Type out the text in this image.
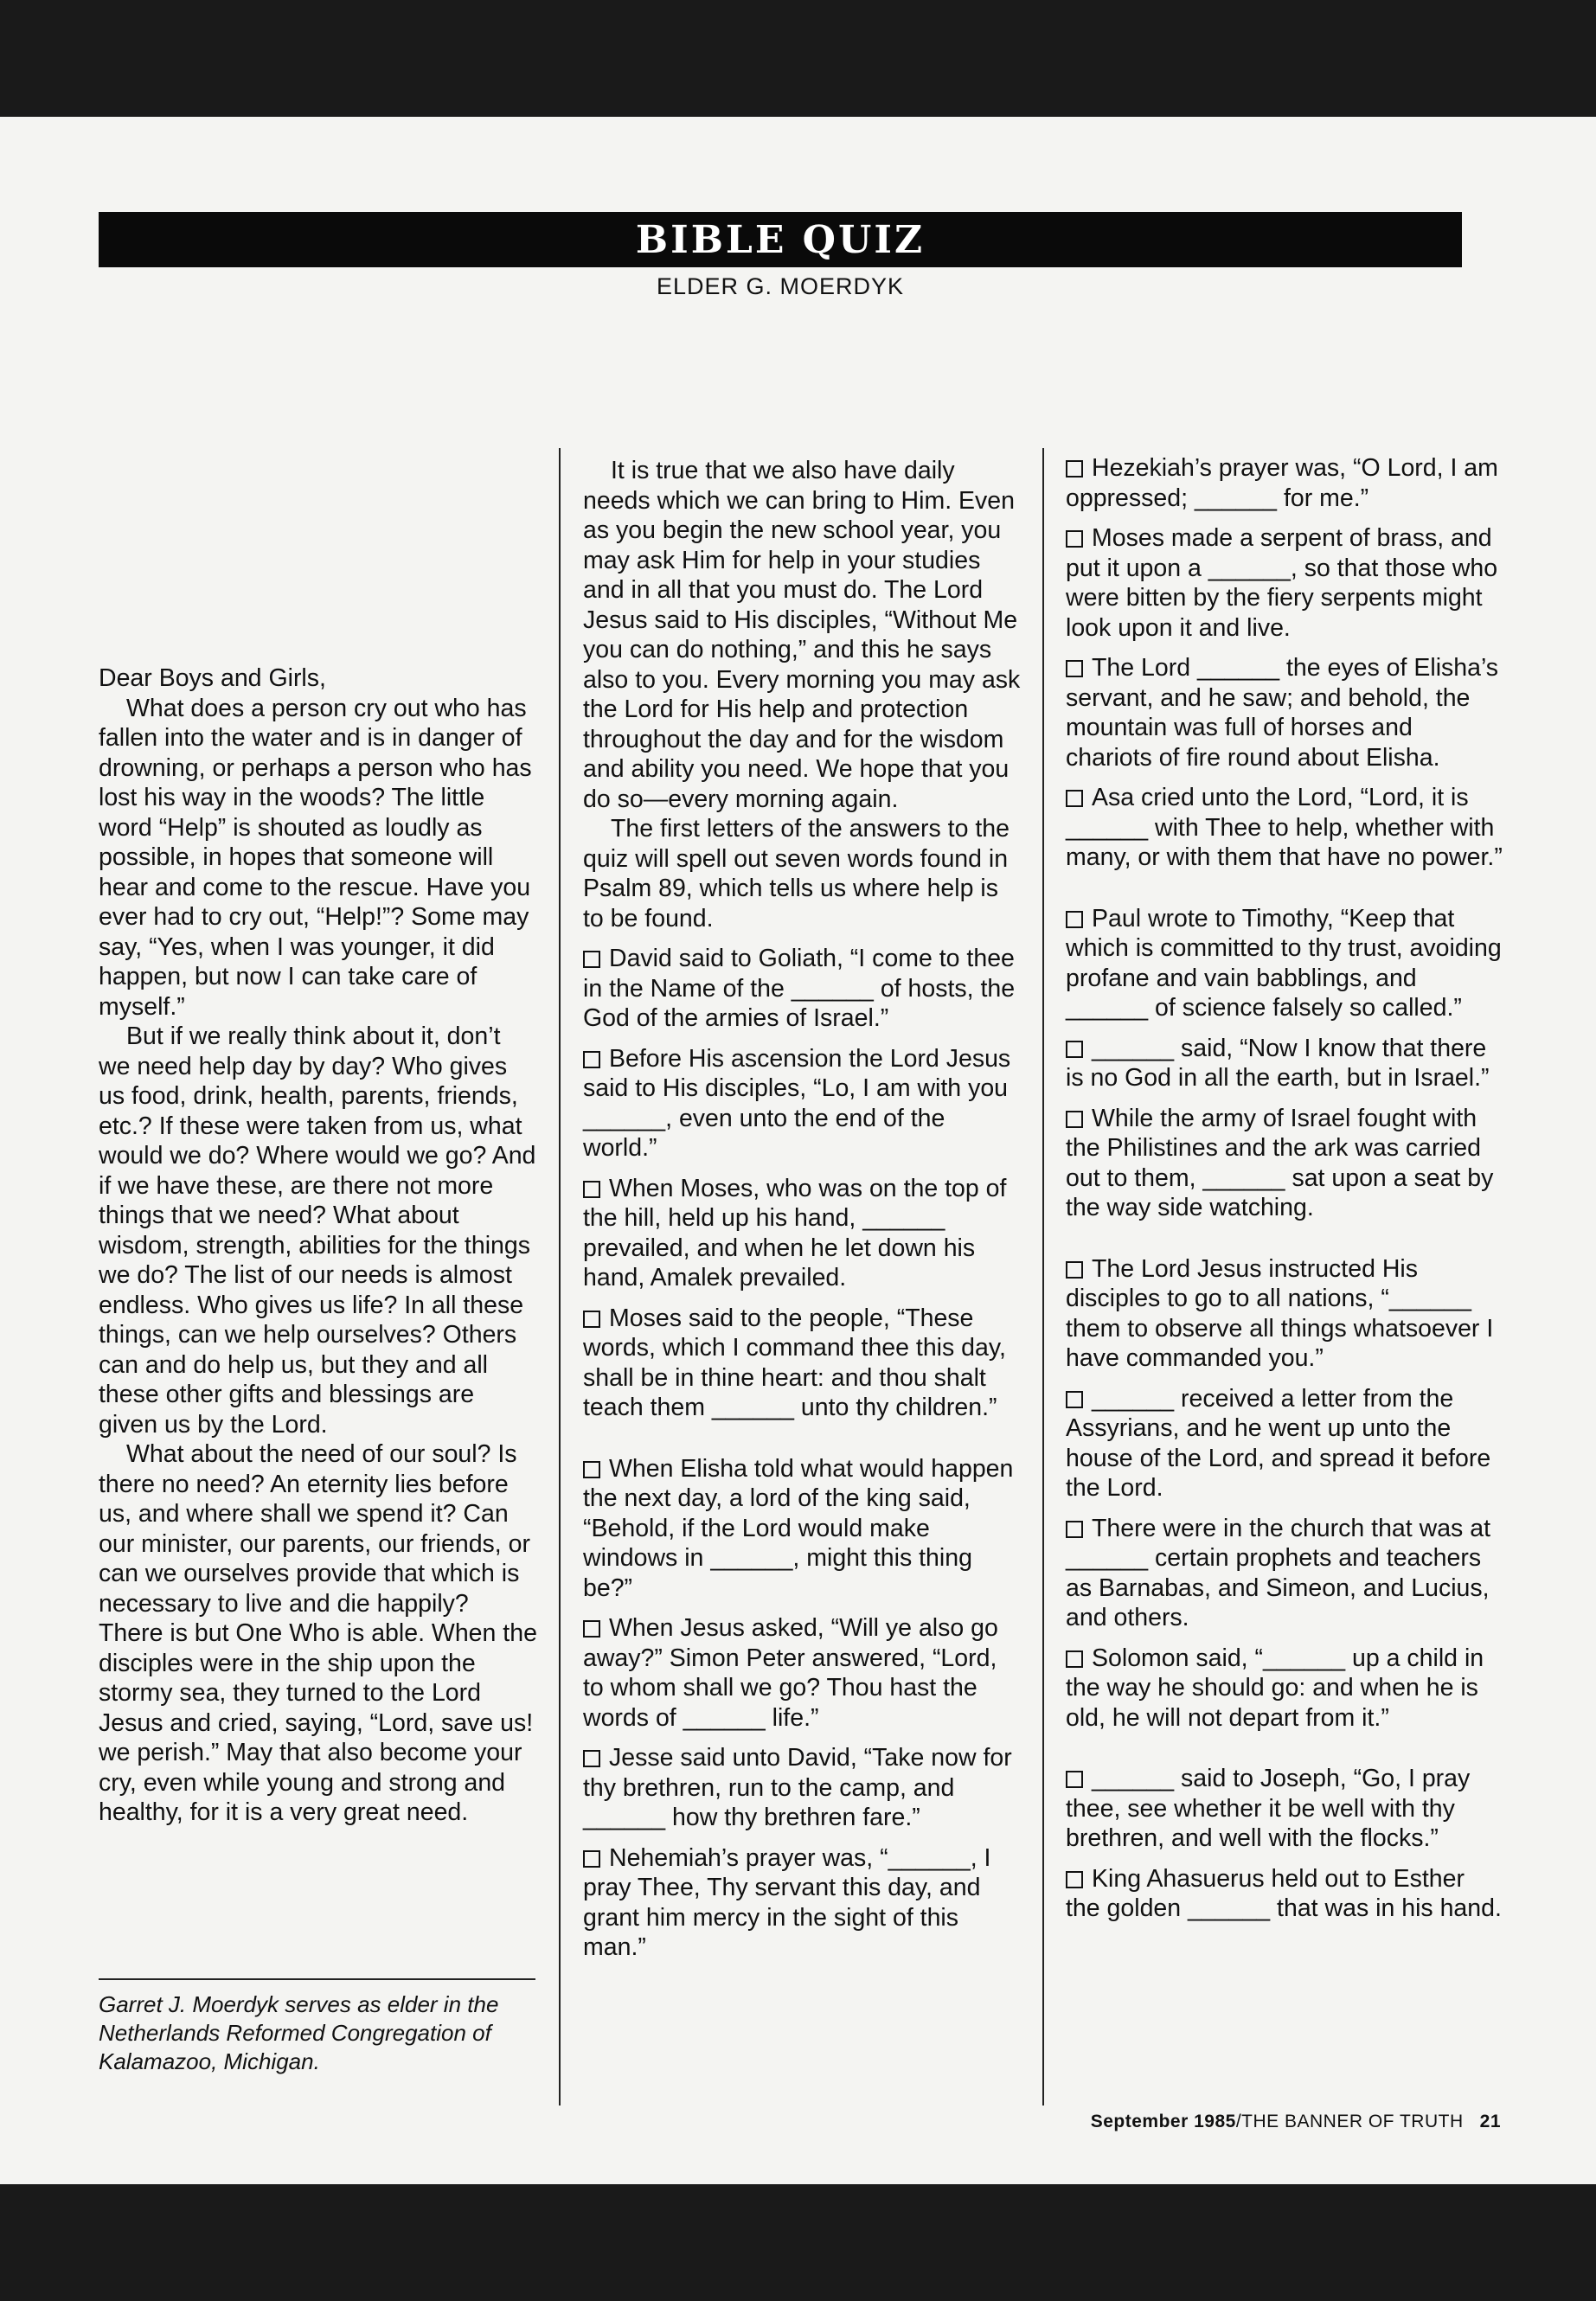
BIBLE QUIZ
ELDER G. MOERDYK

Dear Boys and Girls,

What does a person cry out who has fallen into the water and is in danger of drowning, or perhaps a person who has lost his way in the woods? The little word “Help” is shouted as loudly as possible, in hopes that someone will hear and come to the rescue. Have you ever had to cry out, “Help!”? Some may say, “Yes, when I was younger, it did happen, but now I can take care of myself.”

But if we really think about it, don’t we need help day by day? Who gives us food, drink, health, parents, friends, etc.? If these were taken from us, what would we do? Where would we go? And if we have these, are there not more things that we need? What about wisdom, strength, abilities for the things we do? The list of our needs is almost endless. Who gives us life? In all these things, can we help ourselves? Others can and do help us, but they and all these other gifts and blessings are given us by the Lord.

What about the need of our soul? Is there no need? An eternity lies before us, and where shall we spend it? Can our minister, our parents, our friends, or can we ourselves provide that which is necessary to live and die happily? There is but One Who is able. When the disciples were in the ship upon the stormy sea, they turned to the Lord Jesus and cried, saying, “Lord, save us! we perish.” May that also become your cry, even while young and strong and healthy, for it is a very great need.

Garret J. Moerdyk serves as elder in the Netherlands Reformed Congregation of Kalamazoo, Michigan.

It is true that we also have daily needs which we can bring to Him. Even as you begin the new school year, you may ask Him for help in your studies and in all that you must do. The Lord Jesus said to His disciples, “Without Me you can do nothing,” and this he says also to you. Every morning you may ask the Lord for His help and protection throughout the day and for the wisdom and ability you need. We hope that you do so—every morning again.

The first letters of the answers to the quiz will spell out seven words found in Psalm 89, which tells us where help is to be found.

David said to Goliath, “I come to thee in the Name of the ______ of hosts, the God of the armies of Israel.”

Before His ascension the Lord Jesus said to His disciples, “Lo, I am with you ______, even unto the end of the world.”

When Moses, who was on the top of the hill, held up his hand, ______ prevailed, and when he let down his hand, Amalek prevailed.

Moses said to the people, “These words, which I command thee this day, shall be in thine heart: and thou shalt teach them ______ unto thy children.”

When Elisha told what would happen the next day, a lord of the king said, “Behold, if the Lord would make windows in ______, might this thing be?”

When Jesus asked, “Will ye also go away?” Simon Peter answered, “Lord, to whom shall we go? Thou hast the words of ______ life.”

Jesse said unto David, “Take now for thy brethren, run to the camp, and ______ how thy brethren fare.”

Nehemiah’s prayer was, “______, I pray Thee, Thy servant this day, and grant him mercy in the sight of this man.”

Hezekiah’s prayer was, “O Lord, I am oppressed; ______ for me.”

Moses made a serpent of brass, and put it upon a ______, so that those who were bitten by the fiery serpents might look upon it and live.

The Lord ______ the eyes of Elisha’s servant, and he saw; and behold, the mountain was full of horses and chariots of fire round about Elisha.

Asa cried unto the Lord, “Lord, it is ______ with Thee to help, whether with many, or with them that have no power.”

Paul wrote to Timothy, “Keep that which is committed to thy trust, avoiding profane and vain babblings, and ______ of science falsely so called.”

______ said, “Now I know that there is no God in all the earth, but in Israel.”

While the army of Israel fought with the Philistines and the ark was carried out to them, ______ sat upon a seat by the way side watching.

The Lord Jesus instructed His disciples to go to all nations, “______ them to observe all things whatsoever I have commanded you.”

______ received a letter from the Assyrians, and he went up unto the house of the Lord, and spread it before the Lord.

There were in the church that was at ______ certain prophets and teachers as Barnabas, and Simeon, and Lucius, and others.

Solomon said, “______ up a child in the way he should go: and when he is old, he will not depart from it.”

______ said to Joseph, “Go, I pray thee, see whether it be well with thy brethren, and well with the flocks.”

King Ahasuerus held out to Esther the golden ______ that was in his hand.

September 1985/THE BANNER OF TRUTH 21
